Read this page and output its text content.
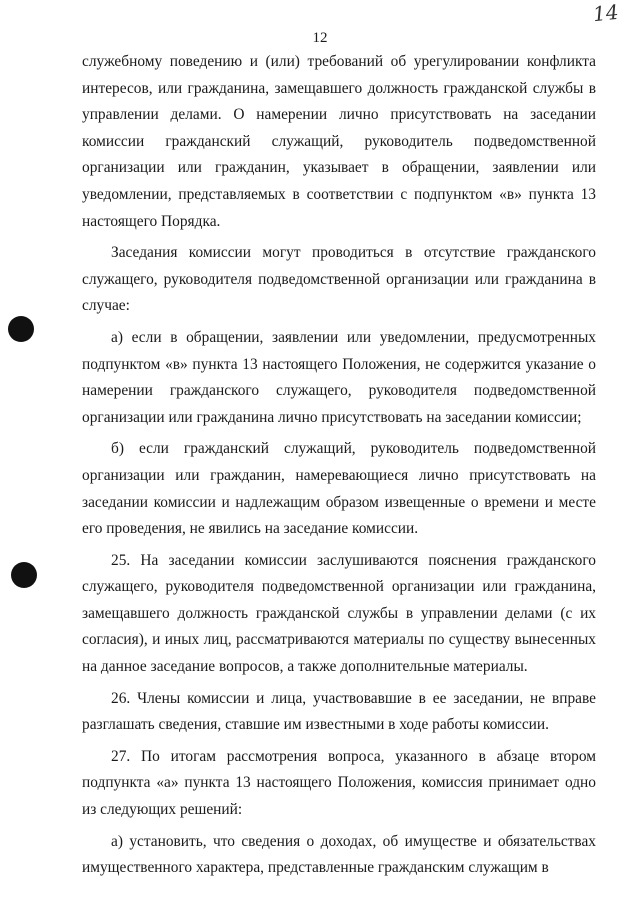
14
12

служебному поведению и (или) требований об урегулировании конфликта интересов, или гражданина, замещавшего должность гражданской службы в управлении делами. О намерении лично присутствовать на заседании комиссии гражданский служащий, руководитель подведомственной организации или гражданин, указывает в обращении, заявлении или уведомлении, представляемых в соответствии с подпунктом «в» пункта 13 настоящего Порядка.

Заседания комиссии могут проводиться в отсутствие гражданского служащего, руководителя подведомственной организации или гражданина в случае:

а) если в обращении, заявлении или уведомлении, предусмотренных подпунктом «в» пункта 13 настоящего Положения, не содержится указание о намерении гражданского служащего, руководителя подведомственной организации или гражданина лично присутствовать на заседании комиссии;

б) если гражданский служащий, руководитель подведомственной организации или гражданин, намеревающиеся лично присутствовать на заседании комиссии и надлежащим образом извещенные о времени и месте его проведения, не явились на заседание комиссии.

25. На заседании комиссии заслушиваются пояснения гражданского служащего, руководителя подведомственной организации или гражданина, замещавшего должность гражданской службы в управлении делами (с их согласия), и иных лиц, рассматриваются материалы по существу вынесенных на данное заседание вопросов, а также дополнительные материалы.

26. Члены комиссии и лица, участвовавшие в ее заседании, не вправе разглашать сведения, ставшие им известными в ходе работы комиссии.

27. По итогам рассмотрения вопроса, указанного в абзаце втором подпункта «а» пункта 13 настоящего Положения, комиссия принимает одно из следующих решений:

а) установить, что сведения о доходах, об имуществе и обязательствах имущественного характера, представленные гражданским служащим в
